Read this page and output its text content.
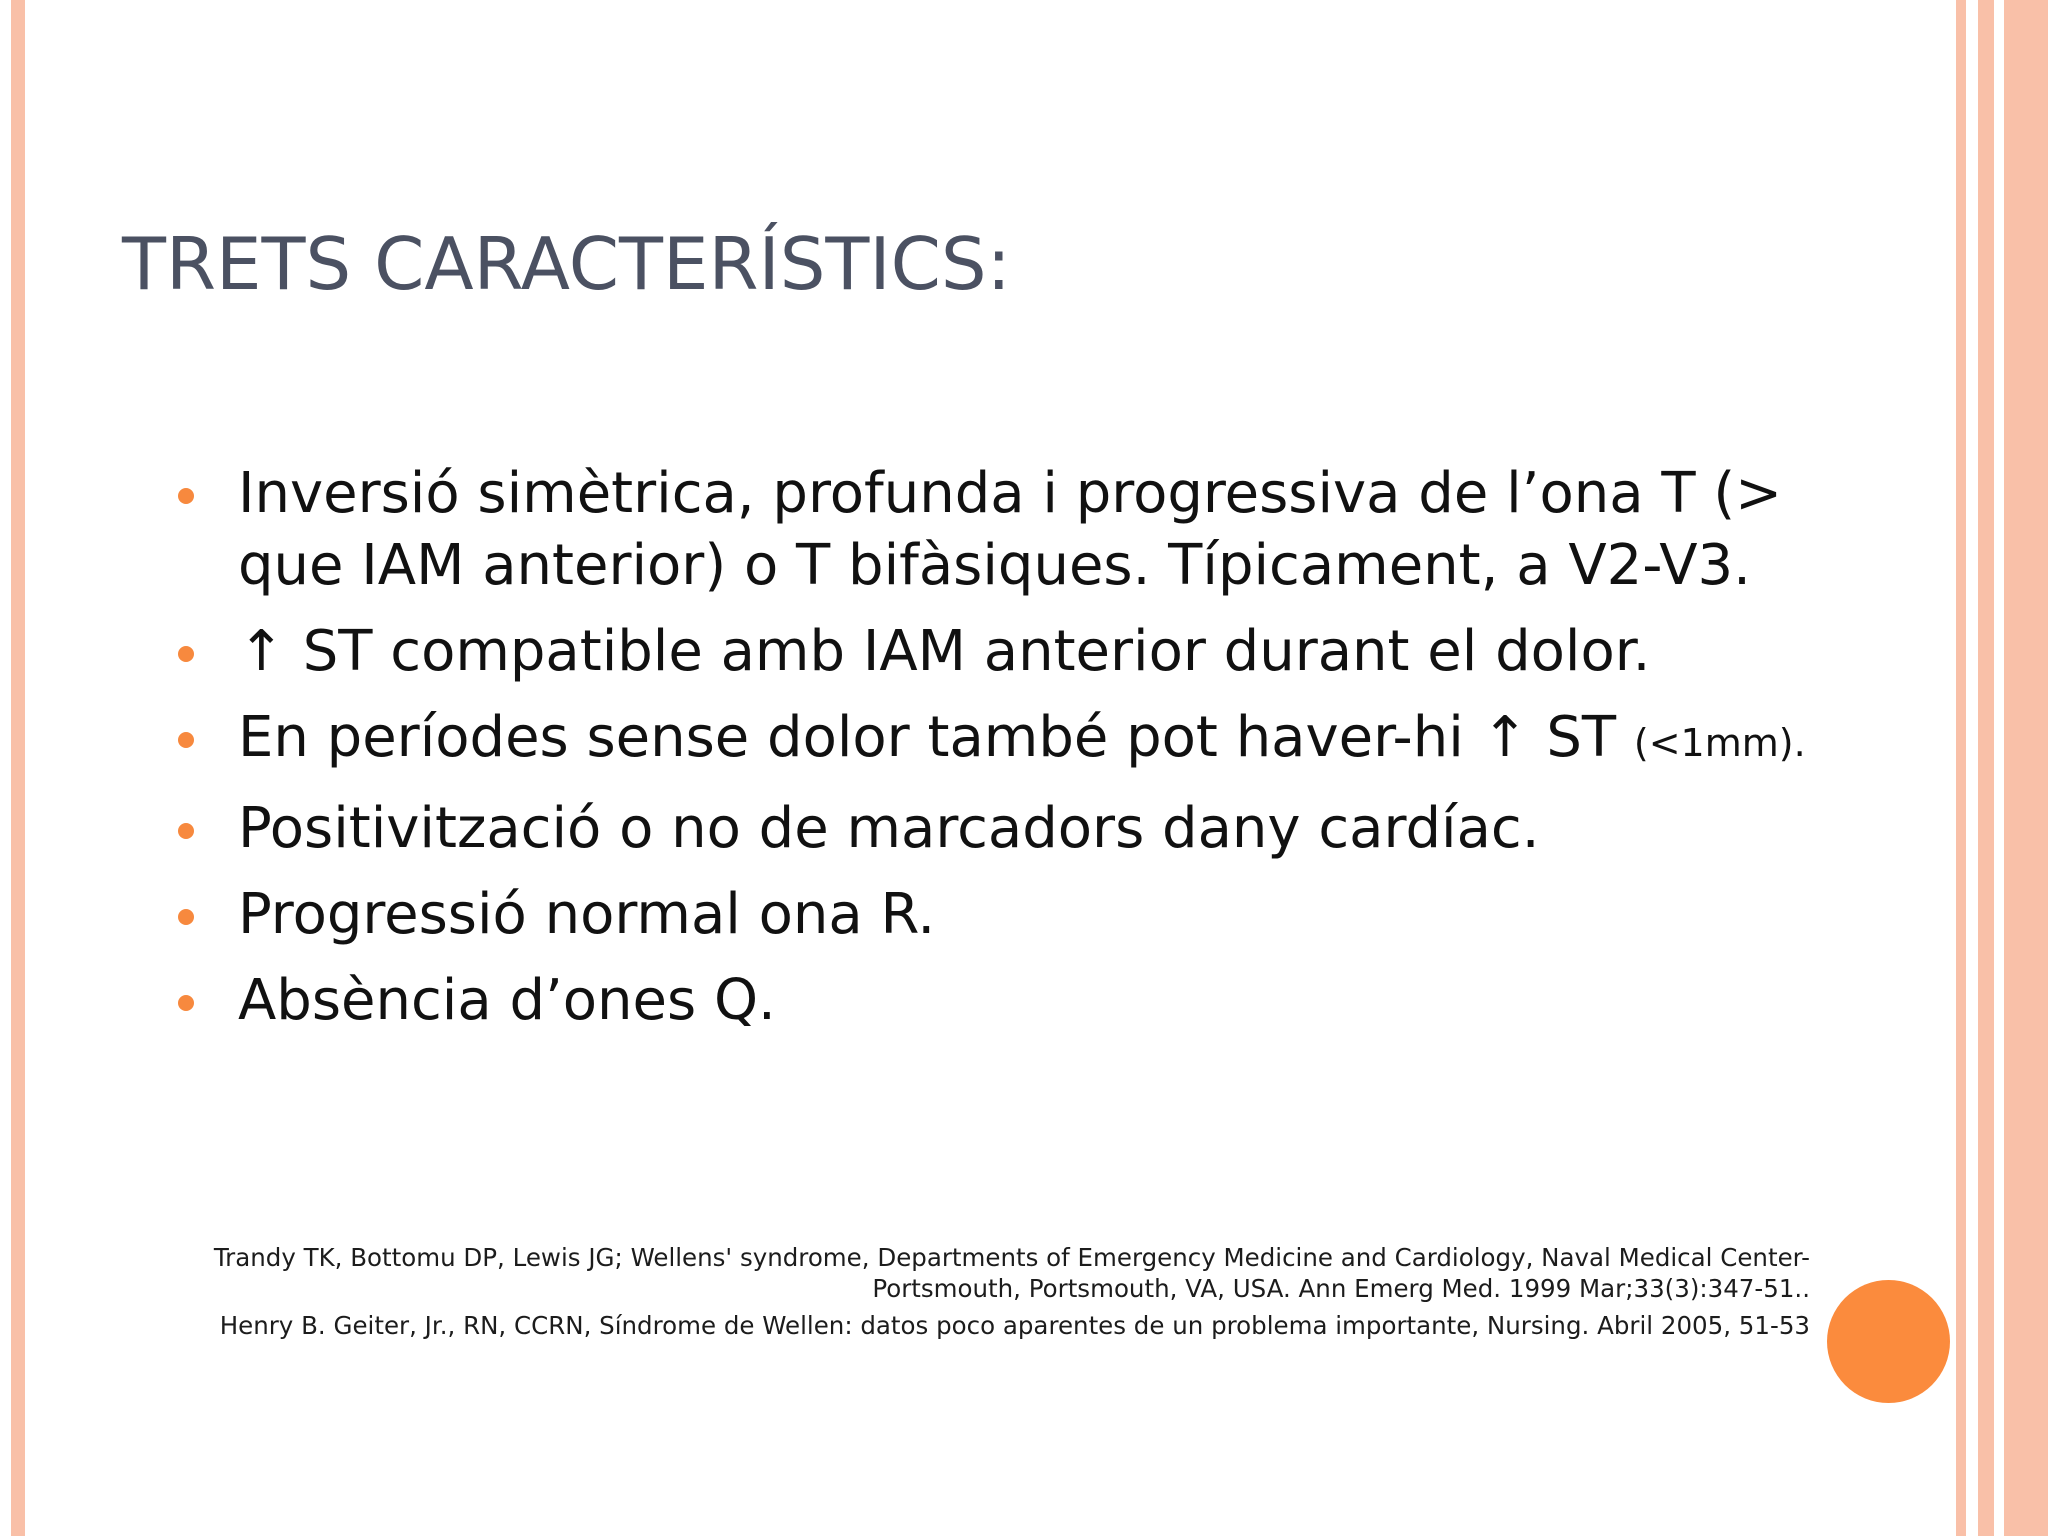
TRETS CARACTERÍSTICS:
Inversió simètrica, profunda i progressiva de l’ona T (> que IAM anterior) o T bifàsiques. Típicament, a V2-V3.
↑ ST compatible amb IAM anterior durant el dolor.
En períodes sense dolor també pot haver-hi ↑ ST (<1mm).
Positivització o no de marcadors dany cardíac.
Progressió normal ona R.
Absència d’ones Q.

Trandy TK, Bottomu DP, Lewis JG; Wellens' syndrome, Departments of Emergency Medicine and Cardiology, Naval Medical Center-

Portsmouth, Portsmouth, VA, USA. Ann Emerg Med. 1999 Mar;33(3):347-51..

Henry B. Geiter, Jr., RN, CCRN, Síndrome de Wellen: datos poco aparentes de un problema importante, Nursing. Abril 2005, 51-53
